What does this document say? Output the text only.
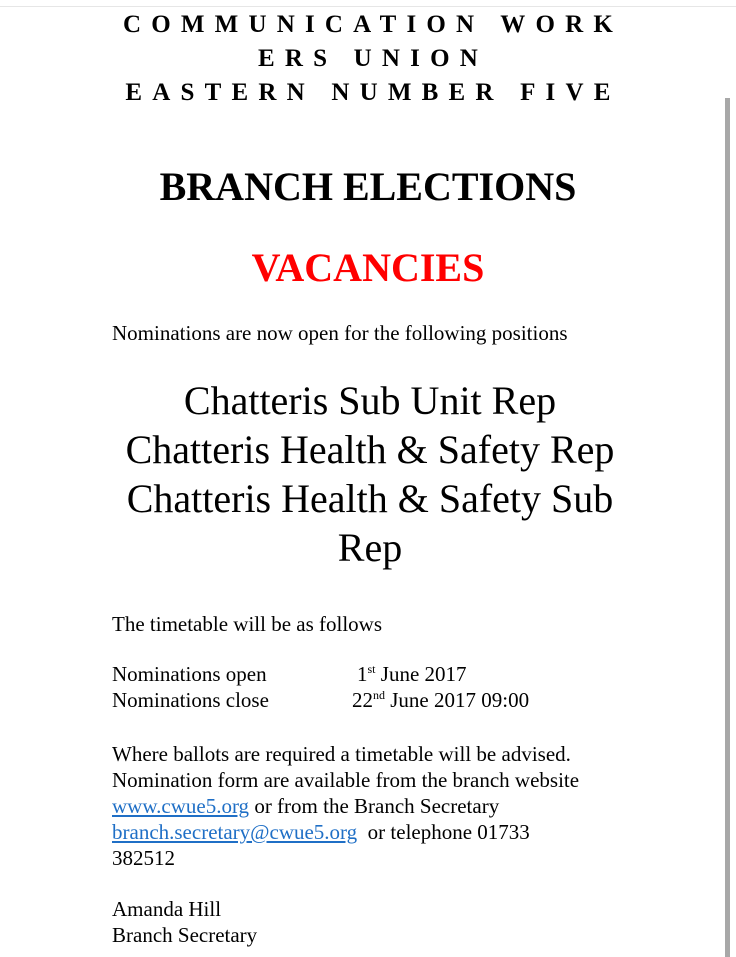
COMMUNICATION WORK
ERS UNION
EASTERN NUMBER FIVE
BRANCH ELECTIONS
VACANCIES
Nominations are now open for the following positions
Chatteris Sub Unit Rep
Chatteris Health & Safety Rep
Chatteris Health & Safety Sub
Rep
The timetable will be as follows
Nominations open	1st June 2017
Nominations close	22nd June 2017 09:00
Where ballots are required a timetable will be advised.
Nomination form are available from the branch website
www.cwue5.org or from the Branch Secretary
branch.secretary@cwue5.org  or telephone 01733
382512
Amanda Hill
Branch Secretary
